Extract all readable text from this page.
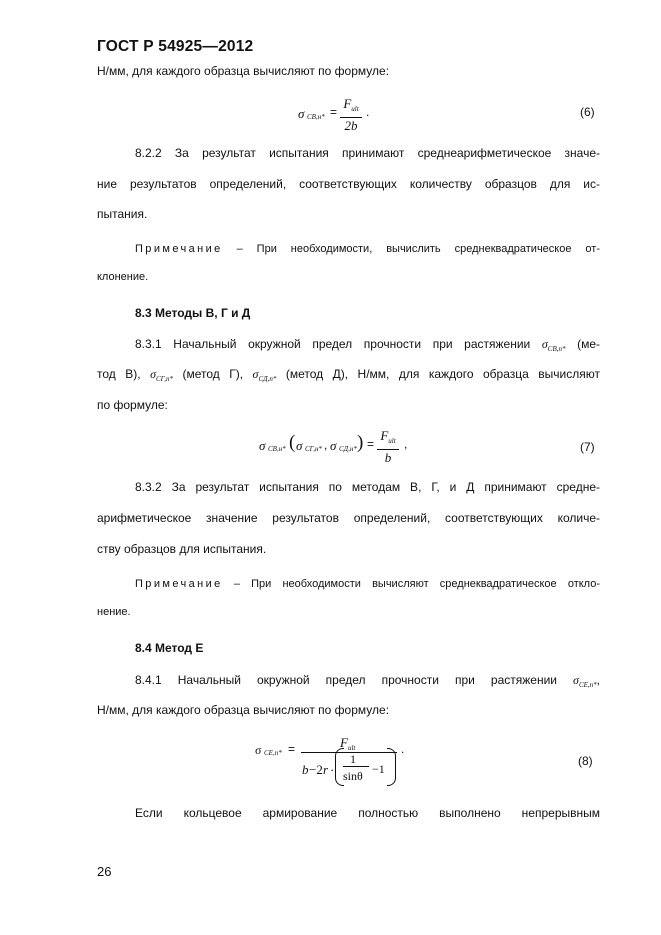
ГОСТ Р 54925—2012
Н/мм, для каждого образца вычисляют по формуле:
σ CB,н* =
$F_{ult}$
2b
.	(6)
8.2.2 За результат испытания принимают среднеарифметическое значе-
ние результатов определений, соответствующих количеству образцов для ис-
пытания.
Примечание – При необходимости, вычислить среднеквадратическое от-
клонение.
8.3 Методы В, Г и Д
8.3.1 Начальный окружной предел прочности при растяжении $\sigma_{CB,n*}$ (ме-
тод В), $\sigma_{CГ,n*}$ (метод Г), $\sigma_{CД,n*}$ (метод Д), Н/мм, для каждого образца вычисляют
по формуле:
σ CB,н* ( σ CГ,н* , σ CД,н* ) =
$F_{ult}$
b
,	(7)
8.3.2 За результат испытания по методам В, Г, и Д принимают средне-
арифметическое значение результатов определений, соответствующих количе-
ству образцов для испытания.
Примечание – При необходимости вычисляют среднеквадратическое откло-
нение.
8.4 Метод Е
8.4.1 Начальный окружной предел прочности при растяжении $\sigma_{CE,n*}$,
Н/мм, для каждого образца вычисляют по формуле:
σ CE,n* =	$F_{ult}$
b −2 r ·
1
sinθ −1
.
(8)
Если кольцевое армирование полностью выполнено непрерывным
26
